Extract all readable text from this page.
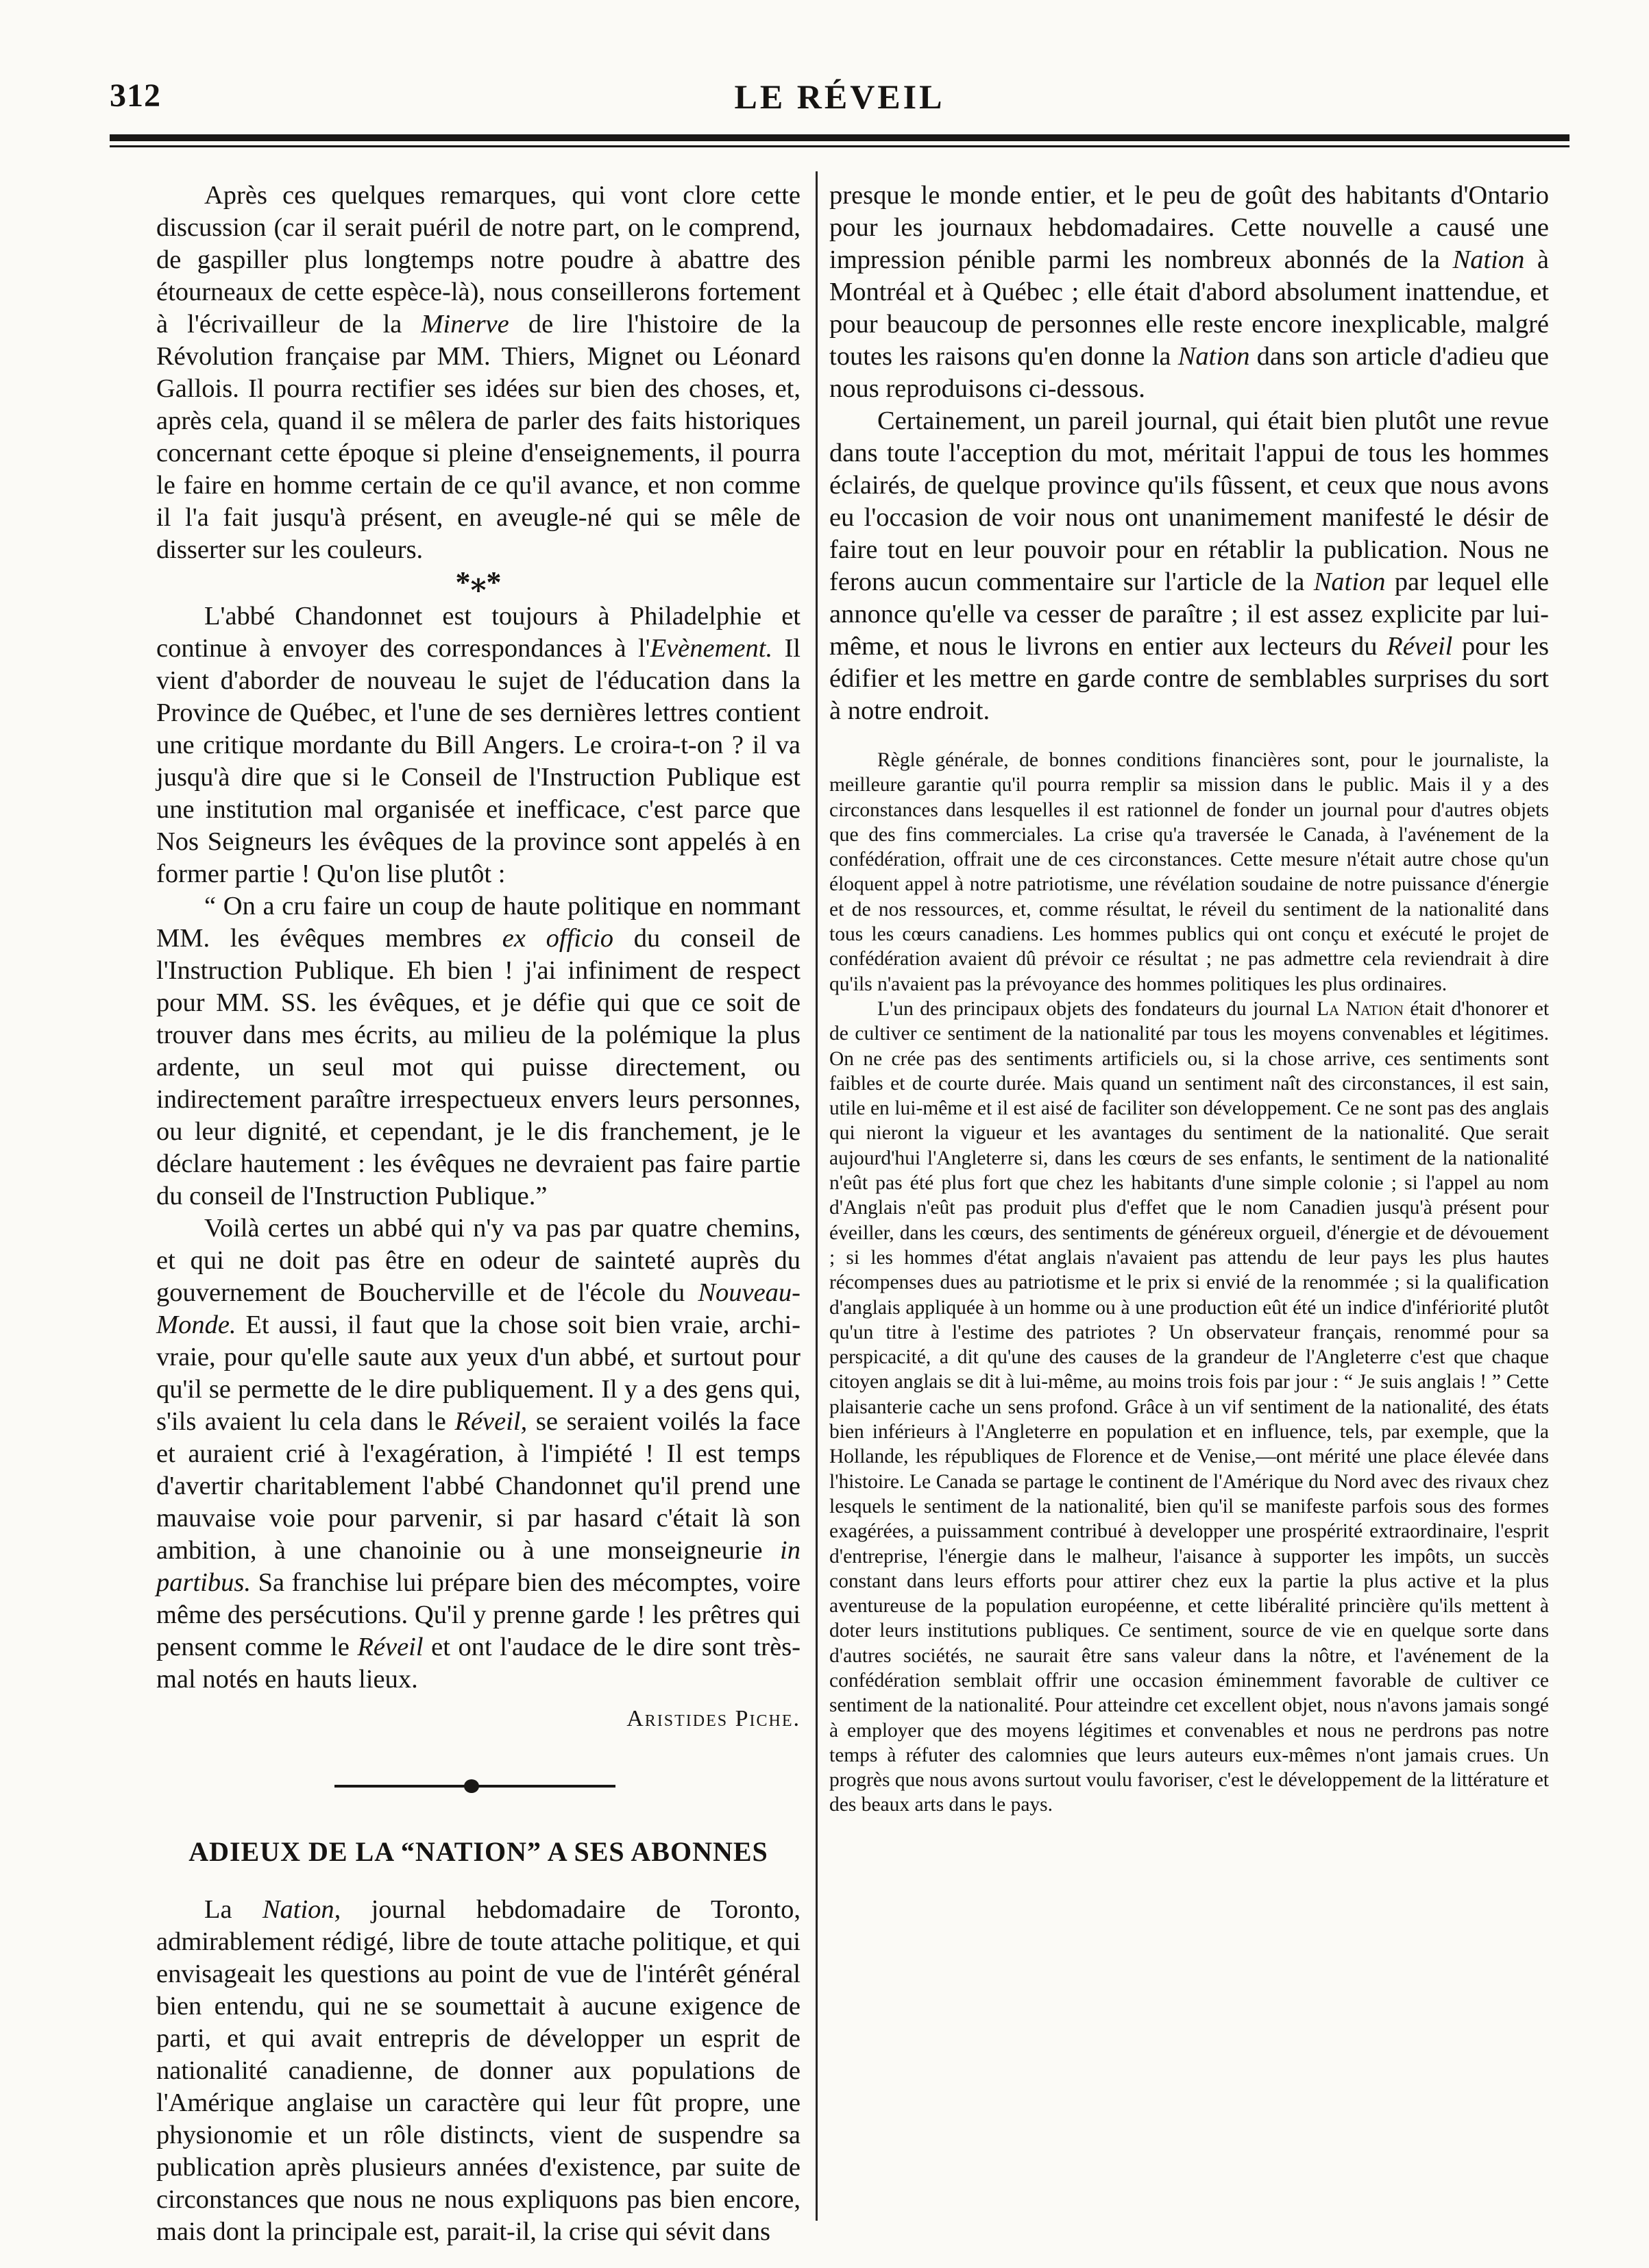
312	LE RÉVEIL

Après ces quelques remarques, qui vont clore cette discussion (car il serait puéril de notre part, on le comprend, de gaspiller plus longtemps notre poudre à abattre des étourneaux de cette espèce-là), nous conseillerons fortement à l'écrivailleur de la Minerve de lire l'histoire de la Révolution française par MM. Thiers, Mignet ou Léonard Gallois. Il pourra rectifier ses idées sur bien des choses, et, après cela, quand il se mêlera de parler des faits historiques concernant cette époque si pleine d'enseignements, il pourra le faire en homme certain de ce qu'il avance, et non comme il l'a fait jusqu'à présent, en aveugle-né qui se mêle de disserter sur les couleurs.

*⁎*

L'abbé Chandonnet est toujours à Philadelphie et continue à envoyer des correspondances à l'Evènement. Il vient d'aborder de nouveau le sujet de l'éducation dans la Province de Québec, et l'une de ses dernières lettres contient une critique mordante du Bill Angers. Le croira-t-on ? il va jusqu'à dire que si le Conseil de l'Instruction Publique est une institution mal organisée et inefficace, c'est parce que Nos Seigneurs les évêques de la province sont appelés à en former partie ! Qu'on lise plutôt :

“ On a cru faire un coup de haute politique en nommant MM. les évêques membres ex officio du conseil de l'Instruction Publique. Eh bien ! j'ai infiniment de respect pour MM. SS. les évêques, et je défie qui que ce soit de trouver dans mes écrits, au milieu de la polémique la plus ardente, un seul mot qui puisse directement, ou indirectement paraître irrespectueux envers leurs personnes, ou leur dignité, et cependant, je le dis franchement, je le déclare hautement : les évêques ne devraient pas faire partie du conseil de l'Instruction Publique.”

Voilà certes un abbé qui n'y va pas par quatre chemins, et qui ne doit pas être en odeur de sainteté auprès du gouvernement de Boucherville et de l'école du Nouveau-Monde. Et aussi, il faut que la chose soit bien vraie, archi-vraie, pour qu'elle saute aux yeux d'un abbé, et surtout pour qu'il se permette de le dire publiquement. Il y a des gens qui, s'ils avaient lu cela dans le Réveil, se seraient voilés la face et auraient crié à l'exagération, à l'impiété ! Il est temps d'avertir charitablement l'abbé Chandonnet qu'il prend une mauvaise voie pour parvenir, si par hasard c'était là son ambition, à une chanoinie ou à une monseigneurie in partibus. Sa franchise lui prépare bien des mécomptes, voire même des persécutions. Qu'il y prenne garde ! les prêtres qui pensent comme le Réveil et ont l'audace de le dire sont très-mal notés en hauts lieux.

Aristides Piche.
ADIEUX DE LA “NATION” A SES ABONNES

La Nation, journal hebdomadaire de Toronto, admirablement rédigé, libre de toute attache politique, et qui envisageait les questions au point de vue de l'intérêt général bien entendu, qui ne se soumettait à aucune exigence de parti, et qui avait entrepris de développer un esprit de nationalité canadienne, de donner aux populations de l'Amérique anglaise un caractère qui leur fût propre, une physionomie et un rôle distincts, vient de suspendre sa publication après plusieurs années d'existence, par suite de circonstances que nous ne nous expliquons pas bien encore, mais dont la principale est, parait-il, la crise qui sévit dans

presque le monde entier, et le peu de goût des habitants d'Ontario pour les journaux hebdomadaires. Cette nouvelle a causé une impression pénible parmi les nombreux abonnés de la Nation à Montréal et à Québec ; elle était d'abord absolument inattendue, et pour beaucoup de personnes elle reste encore inexplicable, malgré toutes les raisons qu'en donne la Nation dans son article d'adieu que nous reproduisons ci-dessous.

Certainement, un pareil journal, qui était bien plutôt une revue dans toute l'acception du mot, méritait l'appui de tous les hommes éclairés, de quelque province qu'ils fûssent, et ceux que nous avons eu l'occasion de voir nous ont unanimement manifesté le désir de faire tout en leur pouvoir pour en rétablir la publication. Nous ne ferons aucun commentaire sur l'article de la Nation par lequel elle annonce qu'elle va cesser de paraître ; il est assez explicite par lui-même, et nous le livrons en entier aux lecteurs du Réveil pour les édifier et les mettre en garde contre de semblables surprises du sort à notre endroit.

Règle générale, de bonnes conditions financières sont, pour le journaliste, la meilleure garantie qu'il pourra remplir sa mission dans le public. Mais il y a des circonstances dans lesquelles il est rationnel de fonder un journal pour d'autres objets que des fins commerciales. La crise qu'a traversée le Canada, à l'avénement de la confédération, offrait une de ces circonstances. Cette mesure n'était autre chose qu'un éloquent appel à notre patriotisme, une révélation soudaine de notre puissance d'énergie et de nos ressources, et, comme résultat, le réveil du sentiment de la nationalité dans tous les cœurs canadiens. Les hommes publics qui ont conçu et exécuté le projet de confédération avaient dû prévoir ce résultat ; ne pas admettre cela reviendrait à dire qu'ils n'avaient pas la prévoyance des hommes politiques les plus ordinaires.

L'un des principaux objets des fondateurs du journal La Nation était d'honorer et de cultiver ce sentiment de la nationalité par tous les moyens convenables et légitimes. On ne crée pas des sentiments artificiels ou, si la chose arrive, ces sentiments sont faibles et de courte durée. Mais quand un sentiment naît des circonstances, il est sain, utile en lui-même et il est aisé de faciliter son développement. Ce ne sont pas des anglais qui nieront la vigueur et les avantages du sentiment de la nationalité. Que serait aujourd'hui l'Angleterre si, dans les cœurs de ses enfants, le sentiment de la nationalité n'eût pas été plus fort que chez les habitants d'une simple colonie ; si l'appel au nom d'Anglais n'eût pas produit plus d'effet que le nom Canadien jusqu'à présent pour éveiller, dans les cœurs, des sentiments de généreux orgueil, d'énergie et de dévouement ; si les hommes d'état anglais n'avaient pas attendu de leur pays les plus hautes récompenses dues au patriotisme et le prix si envié de la renommée ; si la qualification d'anglais appliquée à un homme ou à une production eût été un indice d'infériorité plutôt qu'un titre à l'estime des patriotes ? Un observateur français, renommé pour sa perspicacité, a dit qu'une des causes de la grandeur de l'Angleterre c'est que chaque citoyen anglais se dit à lui-même, au moins trois fois par jour : “ Je suis anglais ! ” Cette plaisanterie cache un sens profond. Grâce à un vif sentiment de la nationalité, des états bien inférieurs à l'Angleterre en population et en influence, tels, par exemple, que la Hollande, les républiques de Florence et de Venise,—ont mérité une place élevée dans l'histoire. Le Canada se partage le continent de l'Amérique du Nord avec des rivaux chez lesquels le sentiment de la nationalité, bien qu'il se manifeste parfois sous des formes exagérées, a puissamment contribué à developper une prospérité extraordinaire, l'esprit d'entreprise, l'énergie dans le malheur, l'aisance à supporter les impôts, un succès constant dans leurs efforts pour attirer chez eux la partie la plus active et la plus aventureuse de la population européenne, et cette libéralité princière qu'ils mettent à doter leurs institutions publiques. Ce sentiment, source de vie en quelque sorte dans d'autres sociétés, ne saurait être sans valeur dans la nôtre, et l'avénement de la confédération semblait offrir une occasion éminemment favorable de cultiver ce sentiment de la nationalité. Pour atteindre cet excellent objet, nous n'avons jamais songé à employer que des moyens légitimes et convenables et nous ne perdrons pas notre temps à réfuter des calomnies que leurs auteurs eux-mêmes n'ont jamais crues. Un progrès que nous avons surtout voulu favoriser, c'est le développement de la littérature et des beaux arts dans le pays.
